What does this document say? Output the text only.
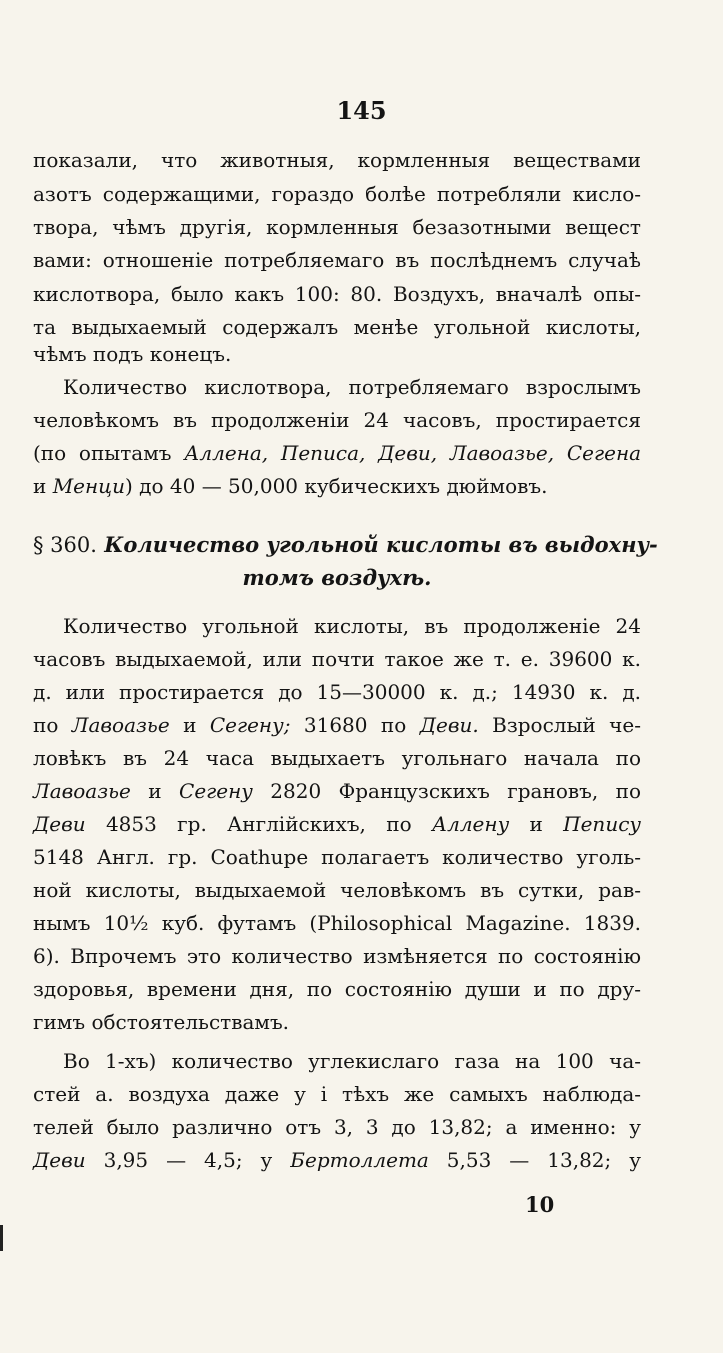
145
показали, что животныя, кормленныя веществами
азотъ содержащими, гораздо болѣе потребляли кисло-
твора, чѣмъ другія, кормленныя безазотными вещест
вами: отношеніе потребляемаго въ послѣднемъ случаѣ
кислотвора, было какъ 100: 80. Воздухъ, вначалѣ опы-
та выдыхаемый содержалъ менѣе угольной кислоты,
чѣмъ подъ конецъ.
Количество кислотвора, потребляемаго взрослымъ
человѣкомъ въ продолженіи 24 часовъ, простирается
(по опытамъ Аллена, Пеписа, Деви, Лавоазье, Сегена
и Менци) до 40 — 50,000 кубическихъ дюймовъ.
§ 360. Количество угольной кислоты въ выдохну-
томъ воздухѣ.
Количество угольной кислоты, въ продолженіе 24
часовъ выдыхаемой, или почти такое же т. е. 39600 к.
д. или простирается до 15—30000 к. д.; 14930 к. д.
по Лавоазье и Сегену; 31680 по Деви. Взрослый че-
ловѣкъ въ 24 часа выдыхаетъ угольнаго начала по
Лавоазье и Сегену 2820 Французскихъ грановъ, по
Деви 4853 гр. Англійскихъ, по Аллену и Пепису
5148 Англ. гр. Coathupe полагаетъ количество уголь-
ной кислоты, выдыхаемой человѣкомъ въ сутки, рав-
нымъ 10½ куб. футамъ (Philosophical Magazine. 1839.
6). Впрочемъ это количество измѣняется по состоянію
здоровья, времени дня, по состоянію души и по дру-
гимъ обстоятельствамъ.
Во 1-хъ) количество углекислаго газа на 100 ча-
стей а. воздуха даже у і тѣхъ же самыхъ наблюда-
телей было различно отъ 3, 3 до 13,82; а именно: у
Деви 3,95 — 4,5; у Бертоллета 5,53 — 13,82; у
10
